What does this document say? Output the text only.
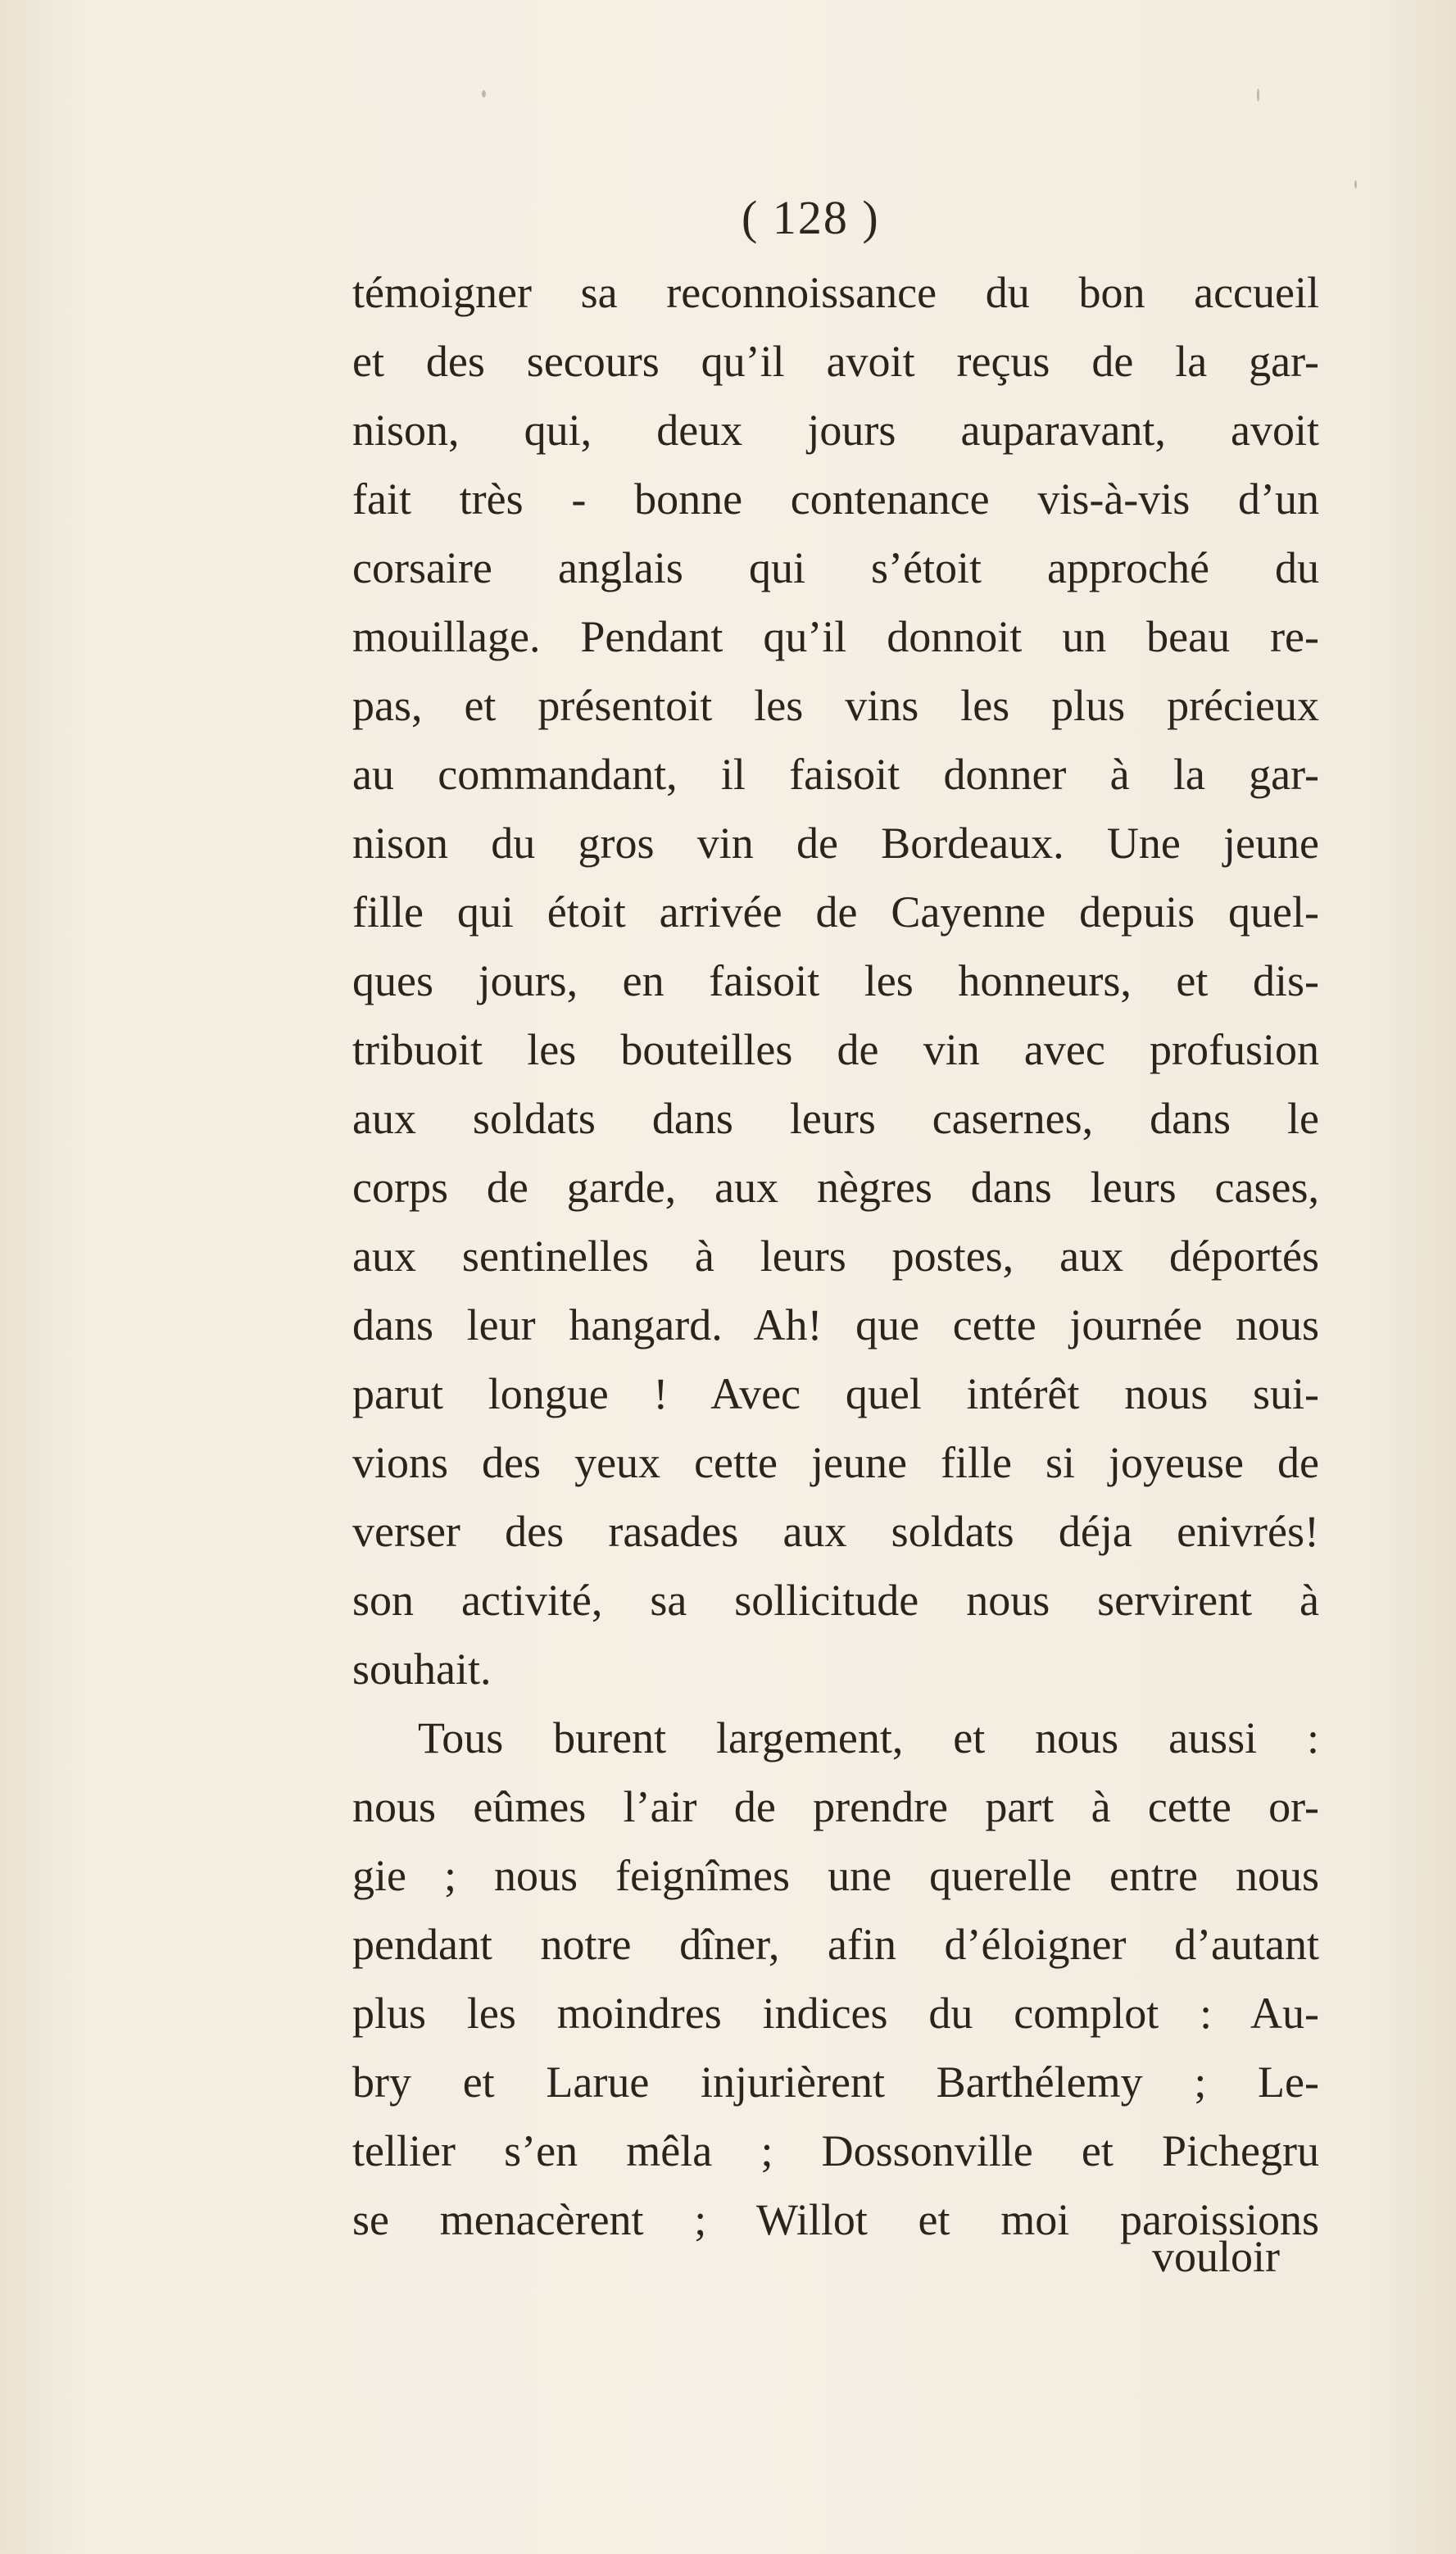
( 128 )
témoigner sa reconnoissance du bon accueil
et des secours qu’il avoit reçus de la gar-
nison, qui, deux jours auparavant, avoit
fait très - bonne contenance vis-à-vis d’un
corsaire anglais qui s’étoit approché du
mouillage. Pendant qu’il donnoit un beau re-
pas, et présentoit les vins les plus précieux
au commandant, il faisoit donner à la gar-
nison du gros vin de Bordeaux. Une jeune
fille qui étoit arrivée de Cayenne depuis quel-
ques jours, en faisoit les honneurs, et dis-
tribuoit les bouteilles de vin avec profusion
aux soldats dans leurs casernes, dans le
corps de garde, aux nègres dans leurs cases,
aux sentinelles à leurs postes, aux déportés
dans leur hangard. Ah! que cette journée nous
parut longue ! Avec quel intérêt nous sui-
vions des yeux cette jeune fille si joyeuse de
verser des rasades aux soldats déja enivrés!
son activité, sa sollicitude nous servirent à
souhait.
Tous burent largement, et nous aussi :
nous eûmes l’air de prendre part à cette or-
gie ; nous feignîmes une querelle entre nous
pendant notre dîner, afin d’éloigner d’autant
plus les moindres indices du complot : Au-
bry et Larue injurièrent Barthélemy ; Le-
tellier s’en mêla ; Dossonville et Pichegru
se menacèrent ; Willot et moi paroissions
vouloir
